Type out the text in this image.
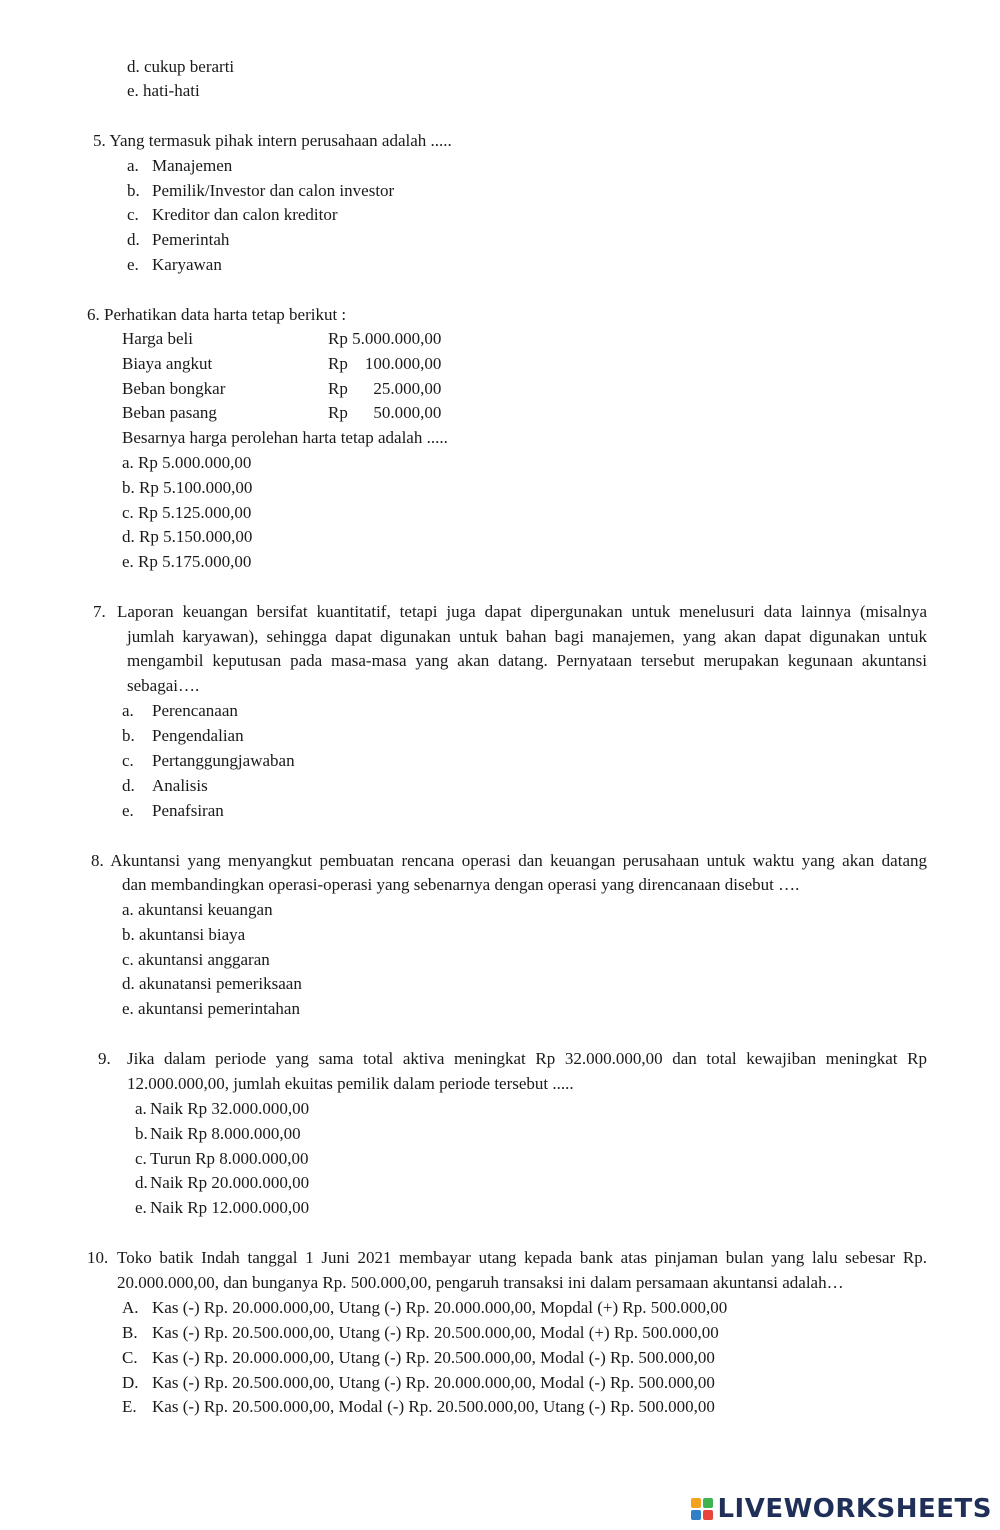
d. cukup berarti
e. hati-hati
5. Yang termasuk pihak intern perusahaan adalah .....
a. Manajemen
b. Pemilik/Investor dan calon investor
c. Kreditor dan calon kreditor
d. Pemerintah
e. Karyawan
6. Perhatikan data harta tetap berikut :
Harga beli	Rp 5.000.000,00
Biaya angkut	Rp    100.000,00
Beban bongkar	Rp      25.000,00
Beban pasang	Rp      50.000,00
Besarnya harga perolehan harta tetap adalah .....
a. Rp 5.000.000,00
b. Rp 5.100.000,00
c. Rp 5.125.000,00
d. Rp 5.150.000,00
e. Rp 5.175.000,00
7. Laporan keuangan bersifat kuantitatif, tetapi juga dapat dipergunakan untuk menelusuri data lainnya (misalnya
jumlah karyawan), sehingga dapat digunakan untuk bahan bagi manajemen, yang akan dapat digunakan untuk
mengambil keputusan pada masa-masa yang akan datang. Pernyataan tersebut merupakan kegunaan akuntansi
sebagai….
a. Perencanaan
b. Pengendalian
c. Pertanggungjawaban
d. Analisis
e. Penafsiran
8. Akuntansi yang menyangkut pembuatan rencana operasi dan keuangan perusahaan untuk waktu yang akan datang
dan membandingkan operasi-operasi yang sebenarnya dengan operasi yang direncanaan disebut ….
a. akuntansi keuangan
b. akuntansi biaya
c. akuntansi anggaran
d. akunatansi pemeriksaan
e. akuntansi pemerintahan
9. Jika dalam periode yang sama total aktiva meningkat Rp 32.000.000,00 dan total kewajiban meningkat Rp
12.000.000,00, jumlah ekuitas pemilik dalam periode tersebut .....
a. Naik Rp 32.000.000,00
b. Naik Rp 8.000.000,00
c. Turun Rp 8.000.000,00
d. Naik Rp 20.000.000,00
e. Naik Rp 12.000.000,00
10. Toko batik Indah tanggal 1 Juni 2021 membayar utang kepada bank atas pinjaman bulan yang lalu sebesar Rp.
20.000.000,00, dan bunganya Rp. 500.000,00, pengaruh transaksi ini dalam persamaan akuntansi adalah…
A. Kas (-) Rp. 20.000.000,00, Utang (-) Rp. 20.000.000,00, Mopdal (+) Rp. 500.000,00
B. Kas (-) Rp. 20.500.000,00, Utang (-) Rp. 20.500.000,00, Modal (+) Rp. 500.000,00
C. Kas (-) Rp. 20.000.000,00, Utang (-) Rp. 20.500.000,00, Modal (-) Rp. 500.000,00
D. Kas (-) Rp. 20.500.000,00, Utang (-) Rp. 20.000.000,00, Modal (-) Rp. 500.000,00
E. Kas (-) Rp. 20.500.000,00, Modal (-) Rp. 20.500.000,00, Utang (-) Rp. 500.000,00
LIVEWORKSHEETS
